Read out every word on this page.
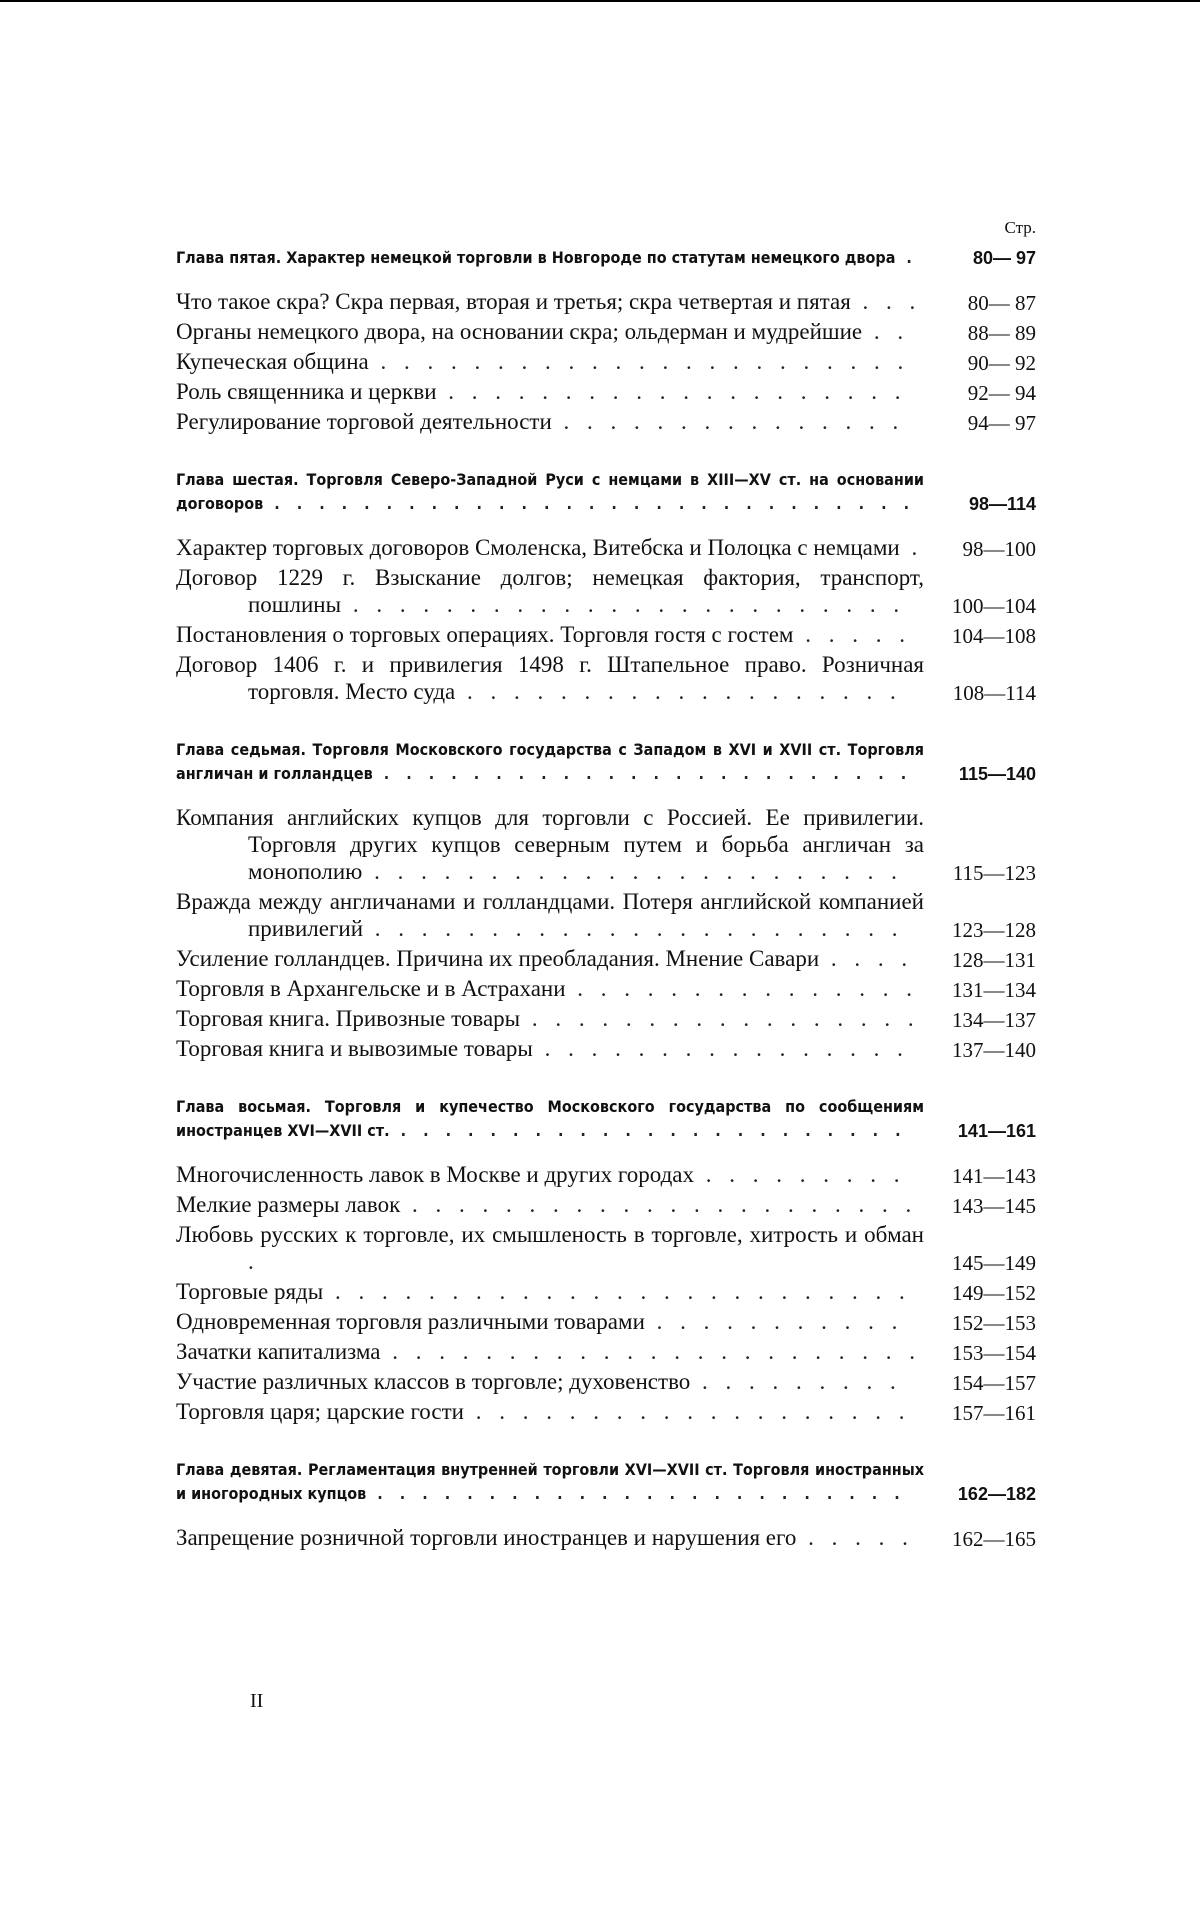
Стр.
Глава пятая. Характер немецкой торговли в Новгороде по статутам немецкого двора .	80— 97
Что такое скра? Скра первая, вторая и третья; скра четвертая и пятая . . .	80— 87
Органы немецкого двора, на основании скра; ольдерман и мудрейшие . .	88— 89
Купеческая община . . . . . . . . . . . . . . . . . . . . . . .	90— 92
Роль священника и церкви . . . . . . . . . . . . . . . . . . . .	92— 94
Регулирование торговой деятельности . . . . . . . . . . . . . . .	94— 97
Глава шестая. Торговля Северо-Западной Руси с немцами в XIII—XV ст. на основании договоров . . . . . . . . . . . . . . . . . . . . . . . . . . . . .	98—114
Характер торговых договоров Смоленска, Витебска и Полоцка с немцами .	98—100
Договор 1229 г. Взыскание долгов; немецкая фактория, транспорт, пошлины . . . . . . . . . . . . . . . . . . . . . . . .	100—104
Постановления о торговых операциях. Торговля гостя с гостем . . . . .	104—108
Договор 1406 г. и привилегия 1498 г. Штапельное право. Розничная торговля. Место суда . . . . . . . . . . . . . . . . . . .	108—114
Глава седьмая. Торговля Московского государства с Западом в XVI и XVII ст. Торговля англичан и голландцев . . . . . . . . . . . . . . . . . . . . . . . .	115—140
Компания английских купцов для торговли с Россией. Ее привилегии. Торговля других купцов северным путем и борьба англичан за монополию . . . . . . . . . . . . . . . . . . . . . . .	115—123
Вражда между англичанами и голландцами. Потеря английской компанией привилегий . . . . . . . . . . . . . . . . . . . . . . .	123—128
Усиление голландцев. Причина их преобладания. Мнение Савари . . . .	128—131
Торговля в Архангельске и в Астрахани . . . . . . . . . . . . . . .	131—134
Торговая книга. Привозные товары . . . . . . . . . . . . . . . . .	134—137
Торговая книга и вывозимые товары . . . . . . . . . . . . . . . .	137—140
Глава восьмая. Торговля и купечество Московского государства по сообщениям иностранцев XVI—XVII ст. . . . . . . . . . . . . . . . . . . . . . . .	141—161
Многочисленность лавок в Москве и других городах . . . . . . . . .	141—143
Мелкие размеры лавок . . . . . . . . . . . . . . . . . . . . . .	143—145
Любовь русских к торговле, их смышленость в торговле, хитрость и обман .	145—149
Торговые ряды . . . . . . . . . . . . . . . . . . . . . . . . .	149—152
Одновременная торговля различными товарами . . . . . . . . . . .	152—153
Зачатки капитализма . . . . . . . . . . . . . . . . . . . . . . .	153—154
Участие различных классов в торговле; духовенство . . . . . . . . .	154—157
Торговля царя; царские гости . . . . . . . . . . . . . . . . . . .	157—161
Глава девятая. Регламентация внутренней торговли XVI—XVII ст. Торговля иностранных и иногородных купцов . . . . . . . . . . . . . . . . . . . . . . . .	162—182
Запрещение розничной торговли иностранцев и нарушения его . . . . .	162—165
II
